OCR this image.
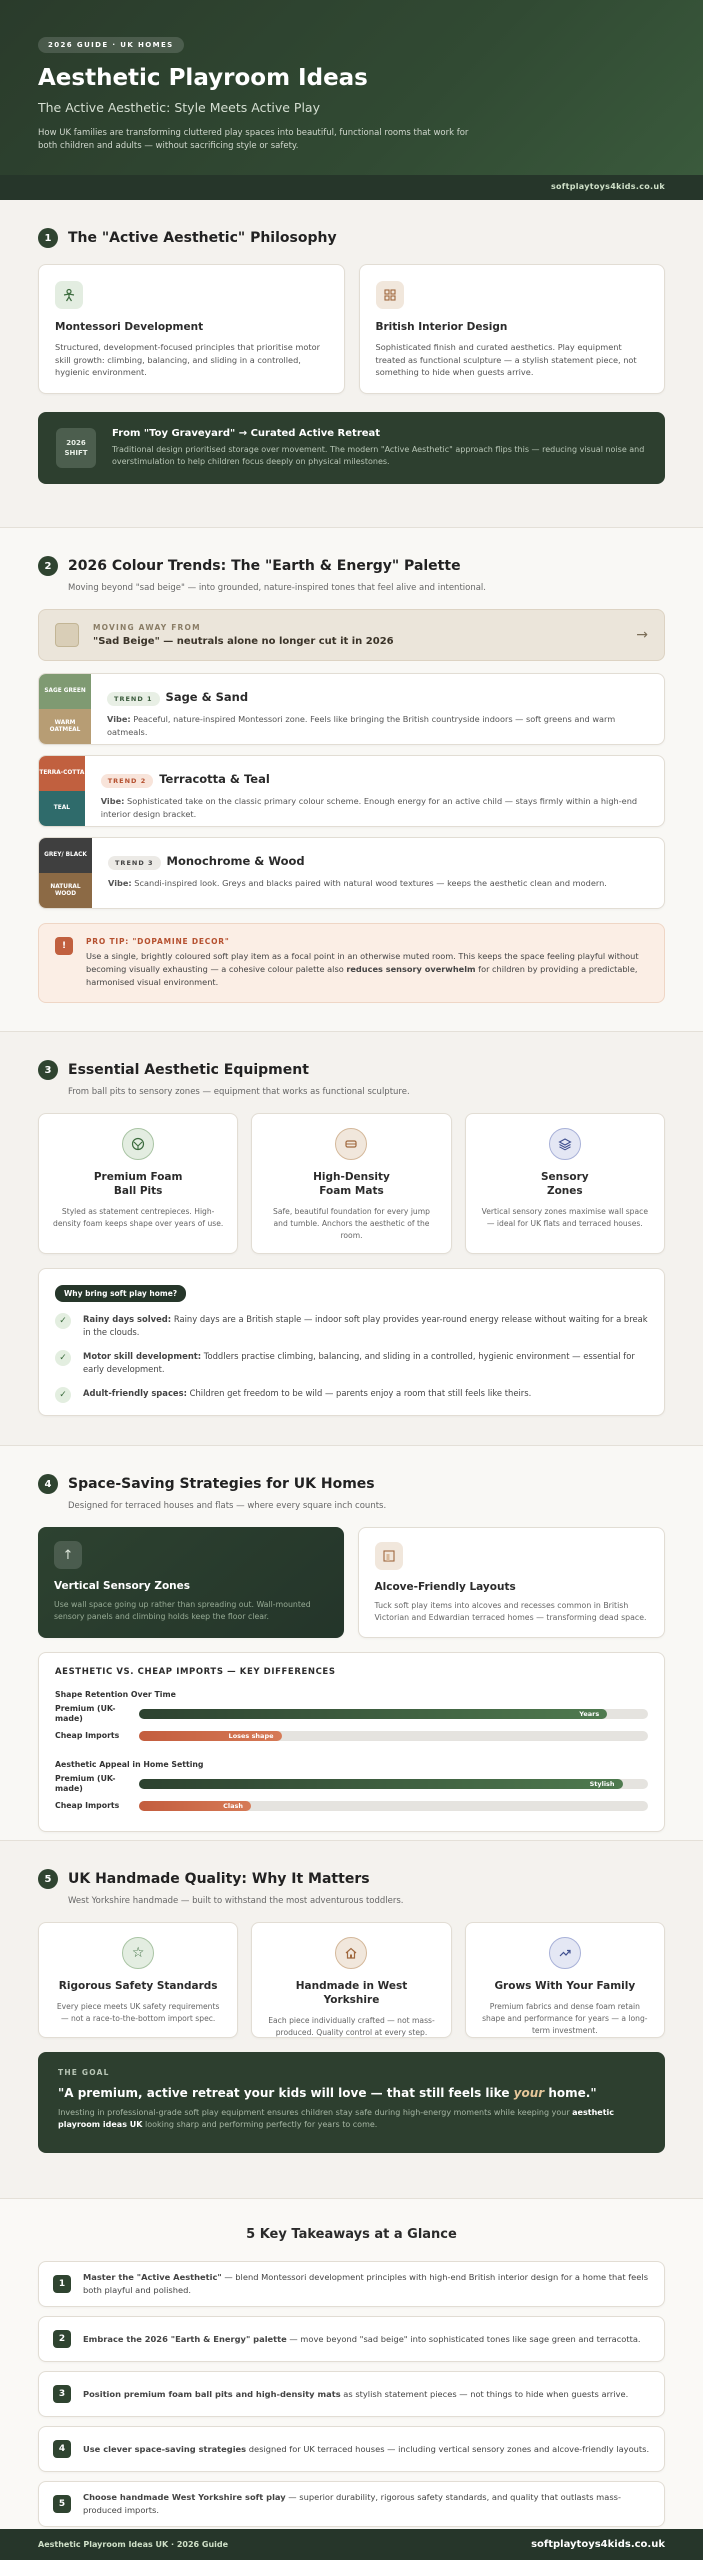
2026 GUIDE · UK HOMES
Aesthetic Playroom Ideas
The Active Aesthetic: Style Meets Active Play

How UK families are transforming cluttered play spaces into beautiful, functional rooms that work for both children and adults — without sacrificing style or safety.

softplaytoys4kids.co.uk
1	The "Active Aesthetic" Philosophy
Montessori Development

Structured, development-focused principles that prioritise motor skill growth: climbing, balancing, and sliding in a controlled, hygienic environment.

British Interior Design

Sophisticated finish and curated aesthetics. Play equipment treated as functional sculpture — a stylish statement piece, not something to hide when guests arrive.

2026 SHIFT
From "Toy Graveyard" → Curated Active Retreat

Traditional design prioritised storage over movement. The modern "Active Aesthetic" approach flips this — reducing visual noise and overstimulation to help children focus deeply on physical milestones.

2	2026 Colour Trends: The "Earth & Energy" Palette

Moving beyond "sad beige" — into grounded, nature-inspired tones that feel alive and intentional.

MOVING AWAY FROM
"Sad Beige" — neutrals alone no longer cut it in 2026	→
SAGE GREEN
WARM OATMEAL
TREND 1 Sage & Sand

Vibe: Peaceful, nature-inspired Montessori zone. Feels like bringing the British countryside indoors — soft greens and warm oatmeals.

TERRA-COTTA
TEAL
TREND 2 Terracotta & Teal

Vibe: Sophisticated take on the classic primary colour scheme. Enough energy for an active child — stays firmly within a high-end interior design bracket.

GREY/ BLACK
NATURAL WOOD
TREND 3 Monochrome & Wood

Vibe: Scandi-inspired look. Greys and blacks paired with natural wood textures — keeps the aesthetic clean and modern.

!	PRO TIP: "DOPAMINE DECOR"

Use a single, brightly coloured soft play item as a focal point in an otherwise muted room. This keeps the space feeling playful without becoming visually exhausting — a cohesive colour palette also reduces sensory overwhelm for children by providing a predictable, harmonised visual environment.

3	Essential Aesthetic Equipment

From ball pits to sensory zones — equipment that works as functional sculpture.

Premium Foam
Ball Pits

Styled as statement centrepieces. High-density foam keeps shape over years of use.

High-Density
Foam Mats

Safe, beautiful foundation for every jump and tumble. Anchors the aesthetic of the room.

Sensory
Zones

Vertical sensory zones maximise wall space — ideal for UK flats and terraced houses.

Why bring soft play home?
✓	Rainy days solved: Rainy days are a British staple — indoor soft play provides year-round energy release without waiting for a break in the clouds.

✓	Motor skill development: Toddlers practise climbing, balancing, and sliding in a controlled, hygienic environment — essential for early development.

✓	Adult-friendly spaces: Children get freedom to be wild — parents enjoy a room that still feels like theirs.

4	Space-Saving Strategies for UK Homes

Designed for terraced houses and flats — where every square inch counts.

↑
Vertical Sensory Zones

Use wall space going up rather than spreading out. Wall-mounted sensory panels and climbing holds keep the floor clear.

Alcove-Friendly Layouts

Tuck soft play items into alcoves and recesses common in British Victorian and Edwardian terraced homes — transforming dead space.

AESTHETIC VS. CHEAP IMPORTS — KEY DIFFERENCES
Shape Retention Over Time
Premium (UK-made)	Years
Cheap Imports	Loses shape
Aesthetic Appeal in Home Setting
Premium (UK-made)	Stylish
Cheap Imports	Clash
5	UK Handmade Quality: Why It Matters

West Yorkshire handmade — built to withstand the most adventurous toddlers.

☆
Rigorous Safety Standards

Every piece meets UK safety requirements — not a race-to-the-bottom import spec.

Handmade in West Yorkshire

Each piece individually crafted — not mass-produced. Quality control at every step.

Grows With Your Family

Premium fabrics and dense foam retain shape and performance for years — a long-term investment.

THE GOAL
"A premium, active retreat your kids will love — that still feels like your home."

Investing in professional-grade soft play equipment ensures children stay safe during high-energy moments while keeping your aesthetic playroom ideas UK looking sharp and performing perfectly for years to come.

5 Key Takeaways at a Glance
1

Master the "Active Aesthetic" — blend Montessori development principles with high-end British interior design for a home that feels both playful and polished.

2	Embrace the 2026 "Earth & Energy" palette — move beyond "sad beige" into sophisticated tones like sage green and terracotta.

3	Position premium foam ball pits and high-density mats as stylish statement pieces — not things to hide when guests arrive.

4	Use clever space-saving strategies designed for UK terraced houses — including vertical sensory zones and alcove-friendly layouts.

5

Choose handmade West Yorkshire soft play — superior durability, rigorous safety standards, and quality that outlasts mass-produced imports.

Aesthetic Playroom Ideas UK · 2026 Guide	softplaytoys4kids.co.uk
